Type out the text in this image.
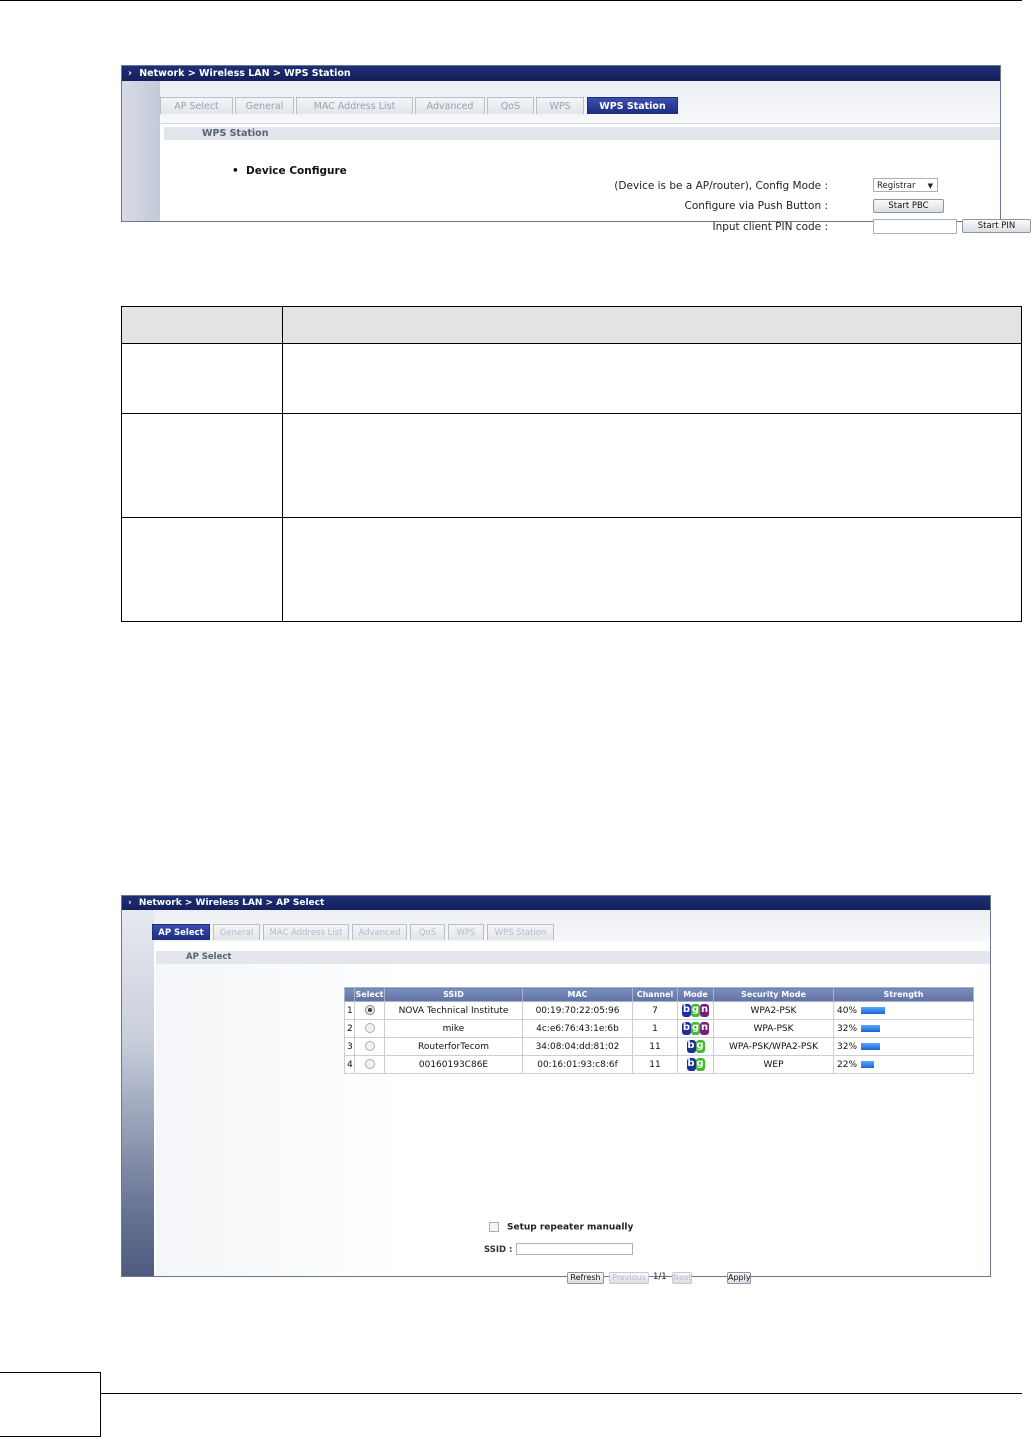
› Network > Wireless LAN > WPS Station
AP Select	General	MAC Address List	Advanced	QoS	WPS	WPS Station
WPS Station
•  Device Configure
(Device is be a AP/router), Config Mode :	Registrar ▼
Configure via Push Button :	Start PBC
Input client PIN code :	Start PIN

› Network > Wireless LAN > AP Select
AP Select	General	MAC Address List	Advanced	QoS	WPS	WPS Station
AP Select
	Select	SSID	MAC	Channel	Mode	Security Mode	Strength
1		NOVA Technical Institute	00:19:70:22:05:96	7	b g n	WPA2-PSK	40%
2		mike	4c:e6:76:43:1e:6b	1	b g n	WPA-PSK	32%
3		RouterforTecom	34:08:04:dd:81:02	11	b g	WPA-PSK/WPA2-PSK	32%
4		00160193C86E	00:16:01:93:c8:6f	11	b g	WEP	22%
Setup repeater manually
SSID :
Refresh	Previous 1/1 Next	Apply
